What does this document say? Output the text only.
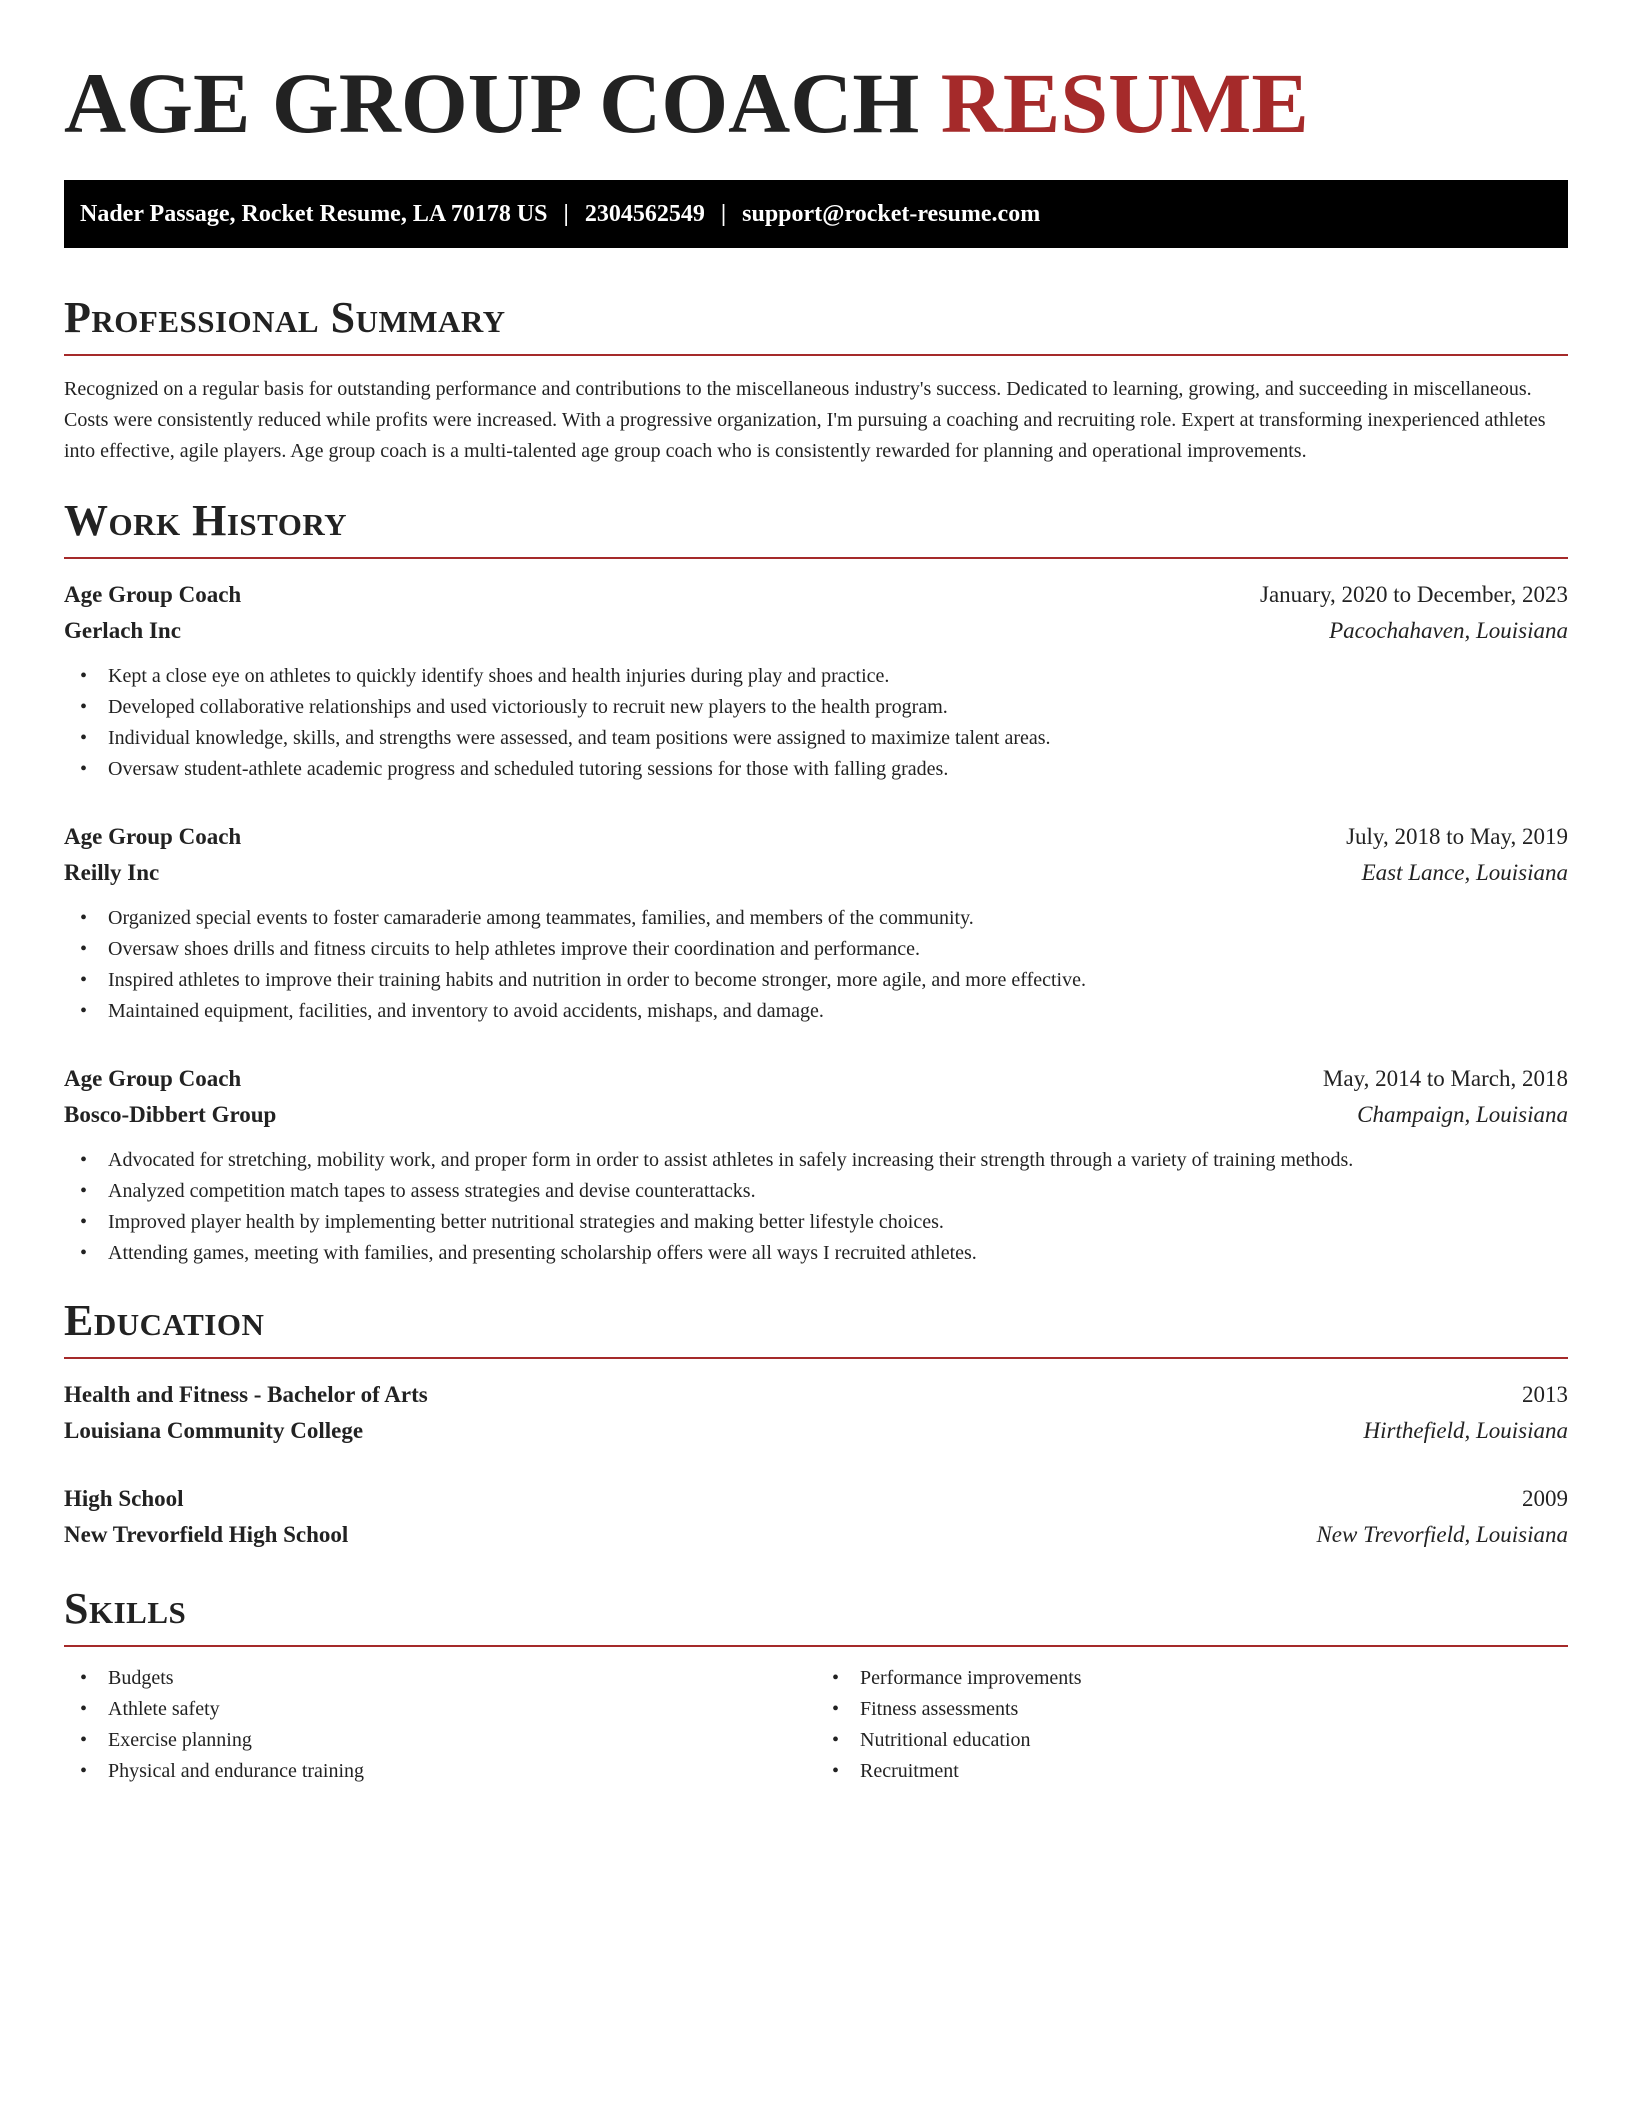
AGE GROUP COACH RESUME
Nader Passage, Rocket Resume, LA 70178 US | 2304562549 | support@rocket-resume.com
Professional Summary

Recognized on a regular basis for outstanding performance and contributions to the miscellaneous industry's success. Dedicated to learning, growing, and succeeding in miscellaneous. Costs were consistently reduced while profits were increased. With a progressive organization, I'm pursuing a coaching and recruiting role. Expert at transforming inexperienced athletes into effective, agile players. Age group coach is a multi-talented age group coach who is consistently rewarded for planning and operational improvements.

Work History
Age Group Coach	January, 2020 to December, 2023
Gerlach Inc	Pacochahaven, Louisiana
• Kept a close eye on athletes to quickly identify shoes and health injuries during play and practice.
• Developed collaborative relationships and used victoriously to recruit new players to the health program.
• Individual knowledge, skills, and strengths were assessed, and team positions were assigned to maximize talent areas.
• Oversaw student-athlete academic progress and scheduled tutoring sessions for those with falling grades.
Age Group Coach	July, 2018 to May, 2019
Reilly Inc	East Lance, Louisiana
• Organized special events to foster camaraderie among teammates, families, and members of the community.
• Oversaw shoes drills and fitness circuits to help athletes improve their coordination and performance.
• Inspired athletes to improve their training habits and nutrition in order to become stronger, more agile, and more effective.
• Maintained equipment, facilities, and inventory to avoid accidents, mishaps, and damage.
Age Group Coach	May, 2014 to March, 2018
Bosco-Dibbert Group	Champaign, Louisiana
• Advocated for stretching, mobility work, and proper form in order to assist athletes in safely increasing their strength through a variety of training methods.
• Analyzed competition match tapes to assess strategies and devise counterattacks.
• Improved player health by implementing better nutritional strategies and making better lifestyle choices.
• Attending games, meeting with families, and presenting scholarship offers were all ways I recruited athletes.
Education
Health and Fitness - Bachelor of Arts	2013
Louisiana Community College	Hirthefield, Louisiana
High School	2009
New Trevorfield High School	New Trevorfield, Louisiana
Skills
• Budgets
• Athlete safety
• Exercise planning
• Physical and endurance training
• Performance improvements
• Fitness assessments
• Nutritional education
• Recruitment
